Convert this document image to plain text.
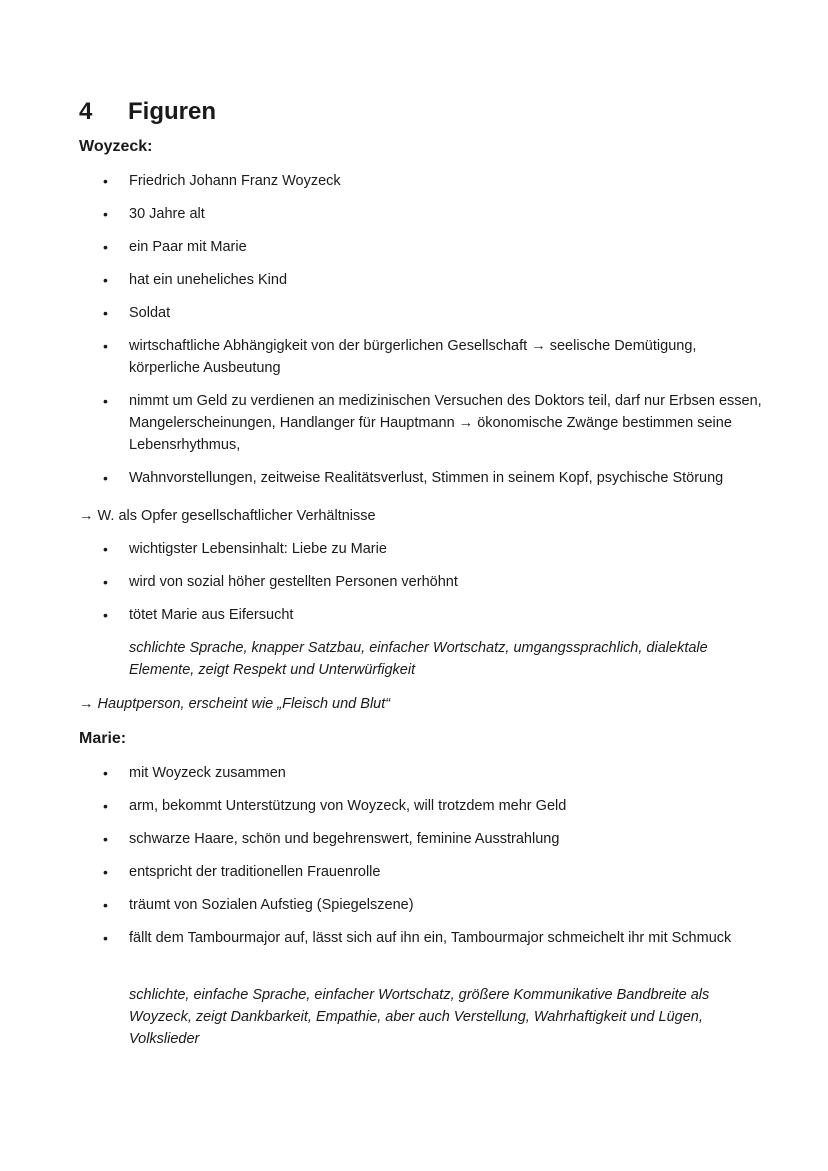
4 Figuren
Woyzeck:
• Friedrich Johann Franz Woyzeck
• 30 Jahre alt
• ein Paar mit Marie
• hat ein uneheliches Kind
• Soldat
• wirtschaftliche Abhängigkeit von der bürgerlichen Gesellschaft → seelische Demütigung, körperliche Ausbeutung
• nimmt um Geld zu verdienen an medizinischen Versuchen des Doktors teil, darf nur Erbsen essen, Mangelerscheinungen, Handlanger für Hauptmann → ökonomische Zwänge bestimmen seine Lebensrhythmus,
• Wahnvorstellungen, zeitweise Realitätsverlust, Stimmen in seinem Kopf, psychische Störung

→ W. als Opfer gesellschaftlicher Verhältnisse

• wichtigster Lebensinhalt: Liebe zu Marie
• wird von sozial höher gestellten Personen verhöhnt
• tötet Marie aus Eifersucht

schlichte Sprache, knapper Satzbau, einfacher Wortschatz, umgangssprachlich, dialektale Elemente, zeigt Respekt und Unterwürfigkeit

→ Hauptperson, erscheint wie „Fleisch und Blut“

Marie:
• mit Woyzeck zusammen
• arm, bekommt Unterstützung von Woyzeck, will trotzdem mehr Geld
• schwarze Haare, schön und begehrenswert, feminine Ausstrahlung
• entspricht der traditionellen Frauenrolle
• träumt von Sozialen Aufstieg (Spiegelszene)
• fällt dem Tambourmajor auf, lässt sich auf ihn ein, Tambourmajor schmeichelt ihr mit Schmuck

schlichte, einfache Sprache, einfacher Wortschatz, größere Kommunikative Bandbreite als Woyzeck, zeigt Dankbarkeit, Empathie, aber auch Verstellung, Wahrhaftigkeit und Lügen, Volkslieder
